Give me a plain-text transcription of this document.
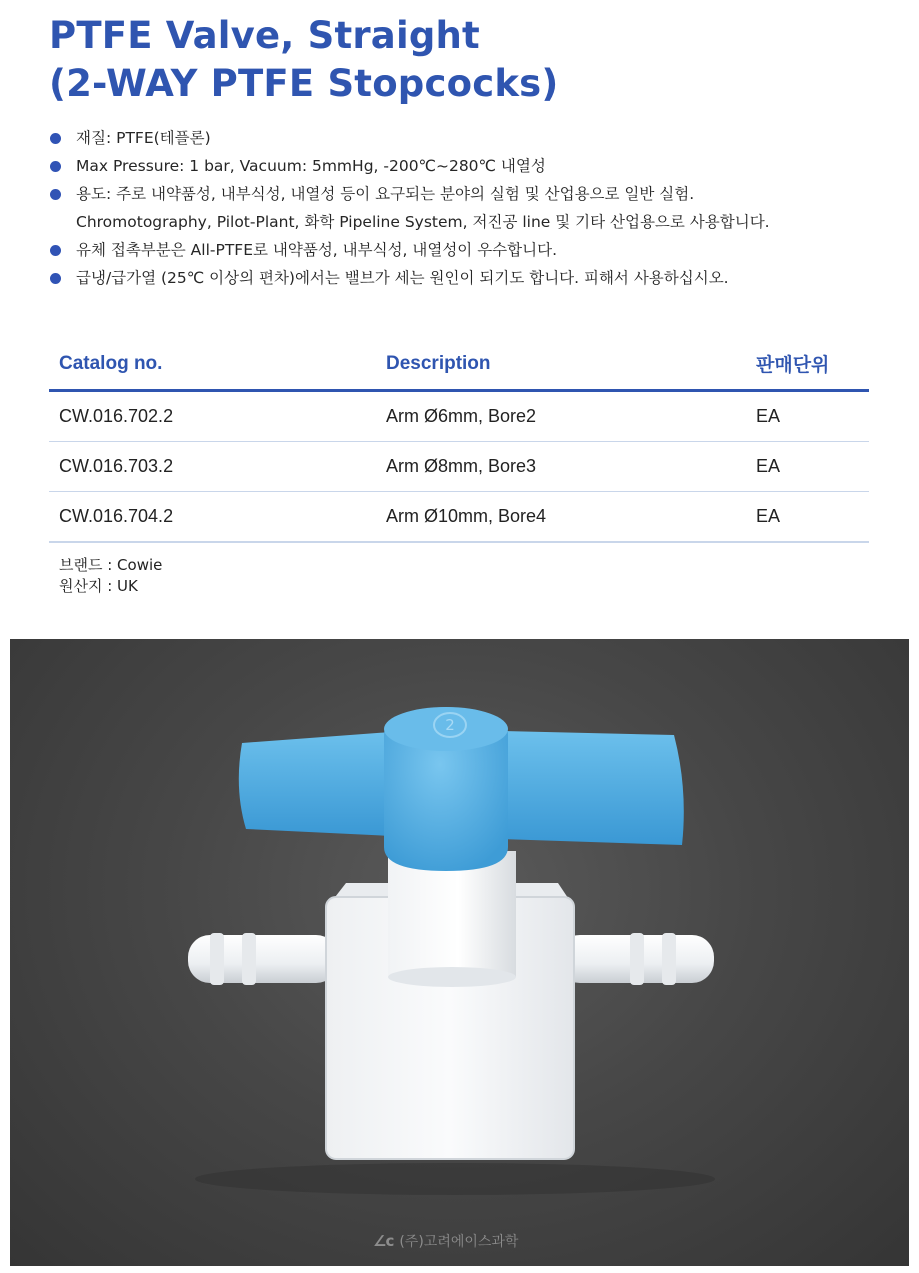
PTFE Valve, Straight
(2-WAY PTFE Stopcocks)
재질: PTFE(테플론)
Max Pressure: 1 bar, Vacuum: 5mmHg, -200℃~280℃ 내열성
용도: 주로 내약품성, 내부식성, 내열성 등이 요구되는 분야의 실험 및 산업용으로 일반 실험.
Chromotography, Pilot-Plant, 화학 Pipeline System, 저진공 line 및 기타 산업용으로 사용합니다.
유체 접촉부분은 All-PTFE로 내약품성, 내부식성, 내열성이 우수합니다.
급냉/급가열 (25℃ 이상의 편차)에서는 밸브가 세는 원인이 되기도 합니다. 피해서 사용하십시오.
Catalog no.	Description	판매단위
CW.016.702.2	Arm Ø6mm, Bore2	EA
CW.016.703.2	Arm Ø8mm, Bore3	EA
CW.016.704.2	Arm Ø10mm, Bore4	EA
브랜드 : Cowie
원산지 : UK
2
∠c (주)고려에이스과학
